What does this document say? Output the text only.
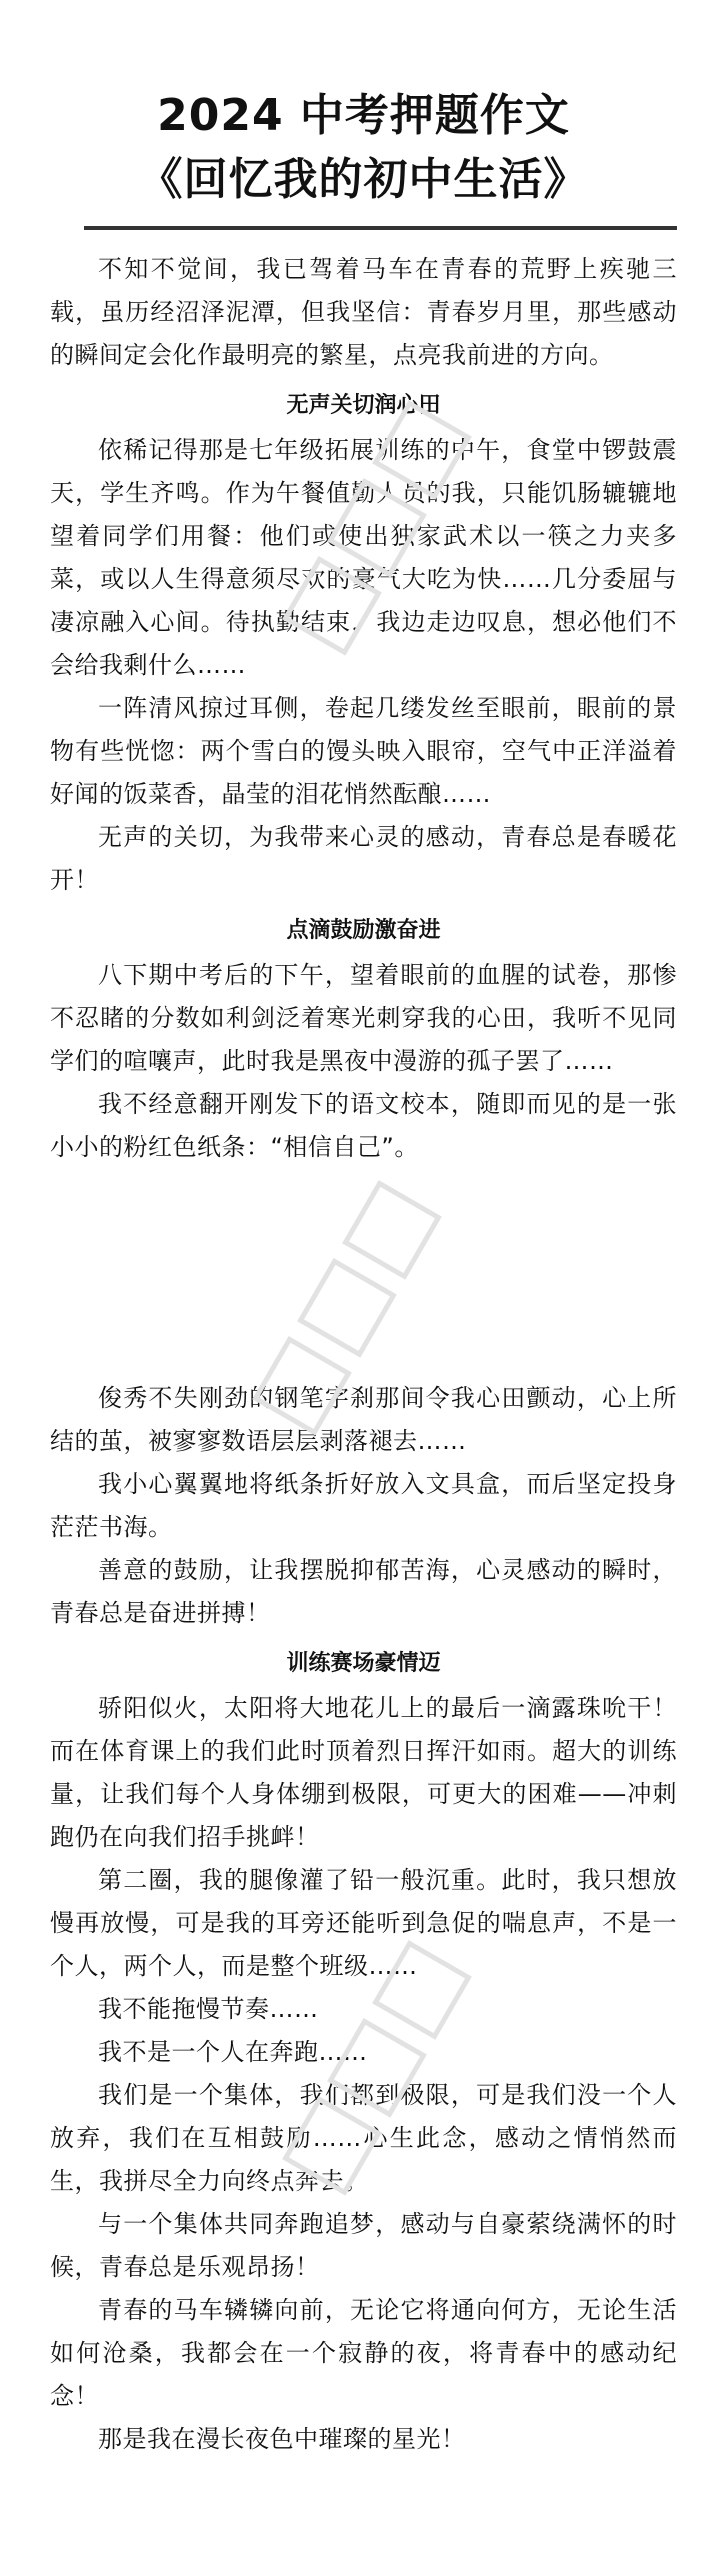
2024 中考押题作文
《回忆我的初中生活》

不知不觉间，我已驾着马车在青春的荒野上疾驰三载，虽历经沼泽泥潭，但我坚信：青春岁月里，那些感动的瞬间定会化作最明亮的繁星，点亮我前进的方向。

无声关切润心田

依稀记得那是七年级拓展训练的中午，食堂中锣鼓震天，学生齐鸣。作为午餐值勤人员的我，只能饥肠辘辘地望着同学们用餐：他们或使出独家武术以一筷之力夹多菜，或以人生得意须尽欢的豪气大吃为快……几分委屈与凄凉融入心间。待执勤结束，我边走边叹息，想必他们不会给我剩什么……

一阵清风掠过耳侧，卷起几缕发丝至眼前，眼前的景物有些恍惚：两个雪白的馒头映入眼帘，空气中正洋溢着好闻的饭菜香，晶莹的泪花悄然酝酿……

无声的关切，为我带来心灵的感动，青春总是春暖花开！

点滴鼓励激奋进

八下期中考后的下午，望着眼前的血腥的试卷，那惨不忍睹的分数如利剑泛着寒光刺穿我的心田，我听不见同学们的喧嚷声，此时我是黑夜中漫游的孤子罢了……

我不经意翻开刚发下的语文校本，随即而见的是一张小小的粉红色纸条：“相信自己”。

俊秀不失刚劲的钢笔字刹那间令我心田颤动，心上所结的茧，被寥寥数语层层剥落褪去……

我小心翼翼地将纸条折好放入文具盒，而后坚定投身茫茫书海。

善意的鼓励，让我摆脱抑郁苦海，心灵感动的瞬时，青春总是奋进拼搏！

训练赛场豪情迈

骄阳似火，太阳将大地花儿上的最后一滴露珠吮干！而在体育课上的我们此时顶着烈日挥汗如雨。超大的训练量，让我们每个人身体绷到极限，可更大的困难——冲刺跑仍在向我们招手挑衅！

第二圈，我的腿像灌了铅一般沉重。此时，我只想放慢再放慢，可是我的耳旁还能听到急促的喘息声，不是一个人，两个人，而是整个班级……

我不能拖慢节奏……

我不是一个人在奔跑……

我们是一个集体，我们都到极限，可是我们没一个人放弃，我们在互相鼓励……心生此念，感动之情悄然而生，我拼尽全力向终点奔去。

与一个集体共同奔跑追梦，感动与自豪萦绕满怀的时候，青春总是乐观昂扬！

青春的马车辚辚向前，无论它将通向何方，无论生活如何沧桑，我都会在一个寂静的夜，将青春中的感动纪念！

那是我在漫长夜色中璀璨的星光！
